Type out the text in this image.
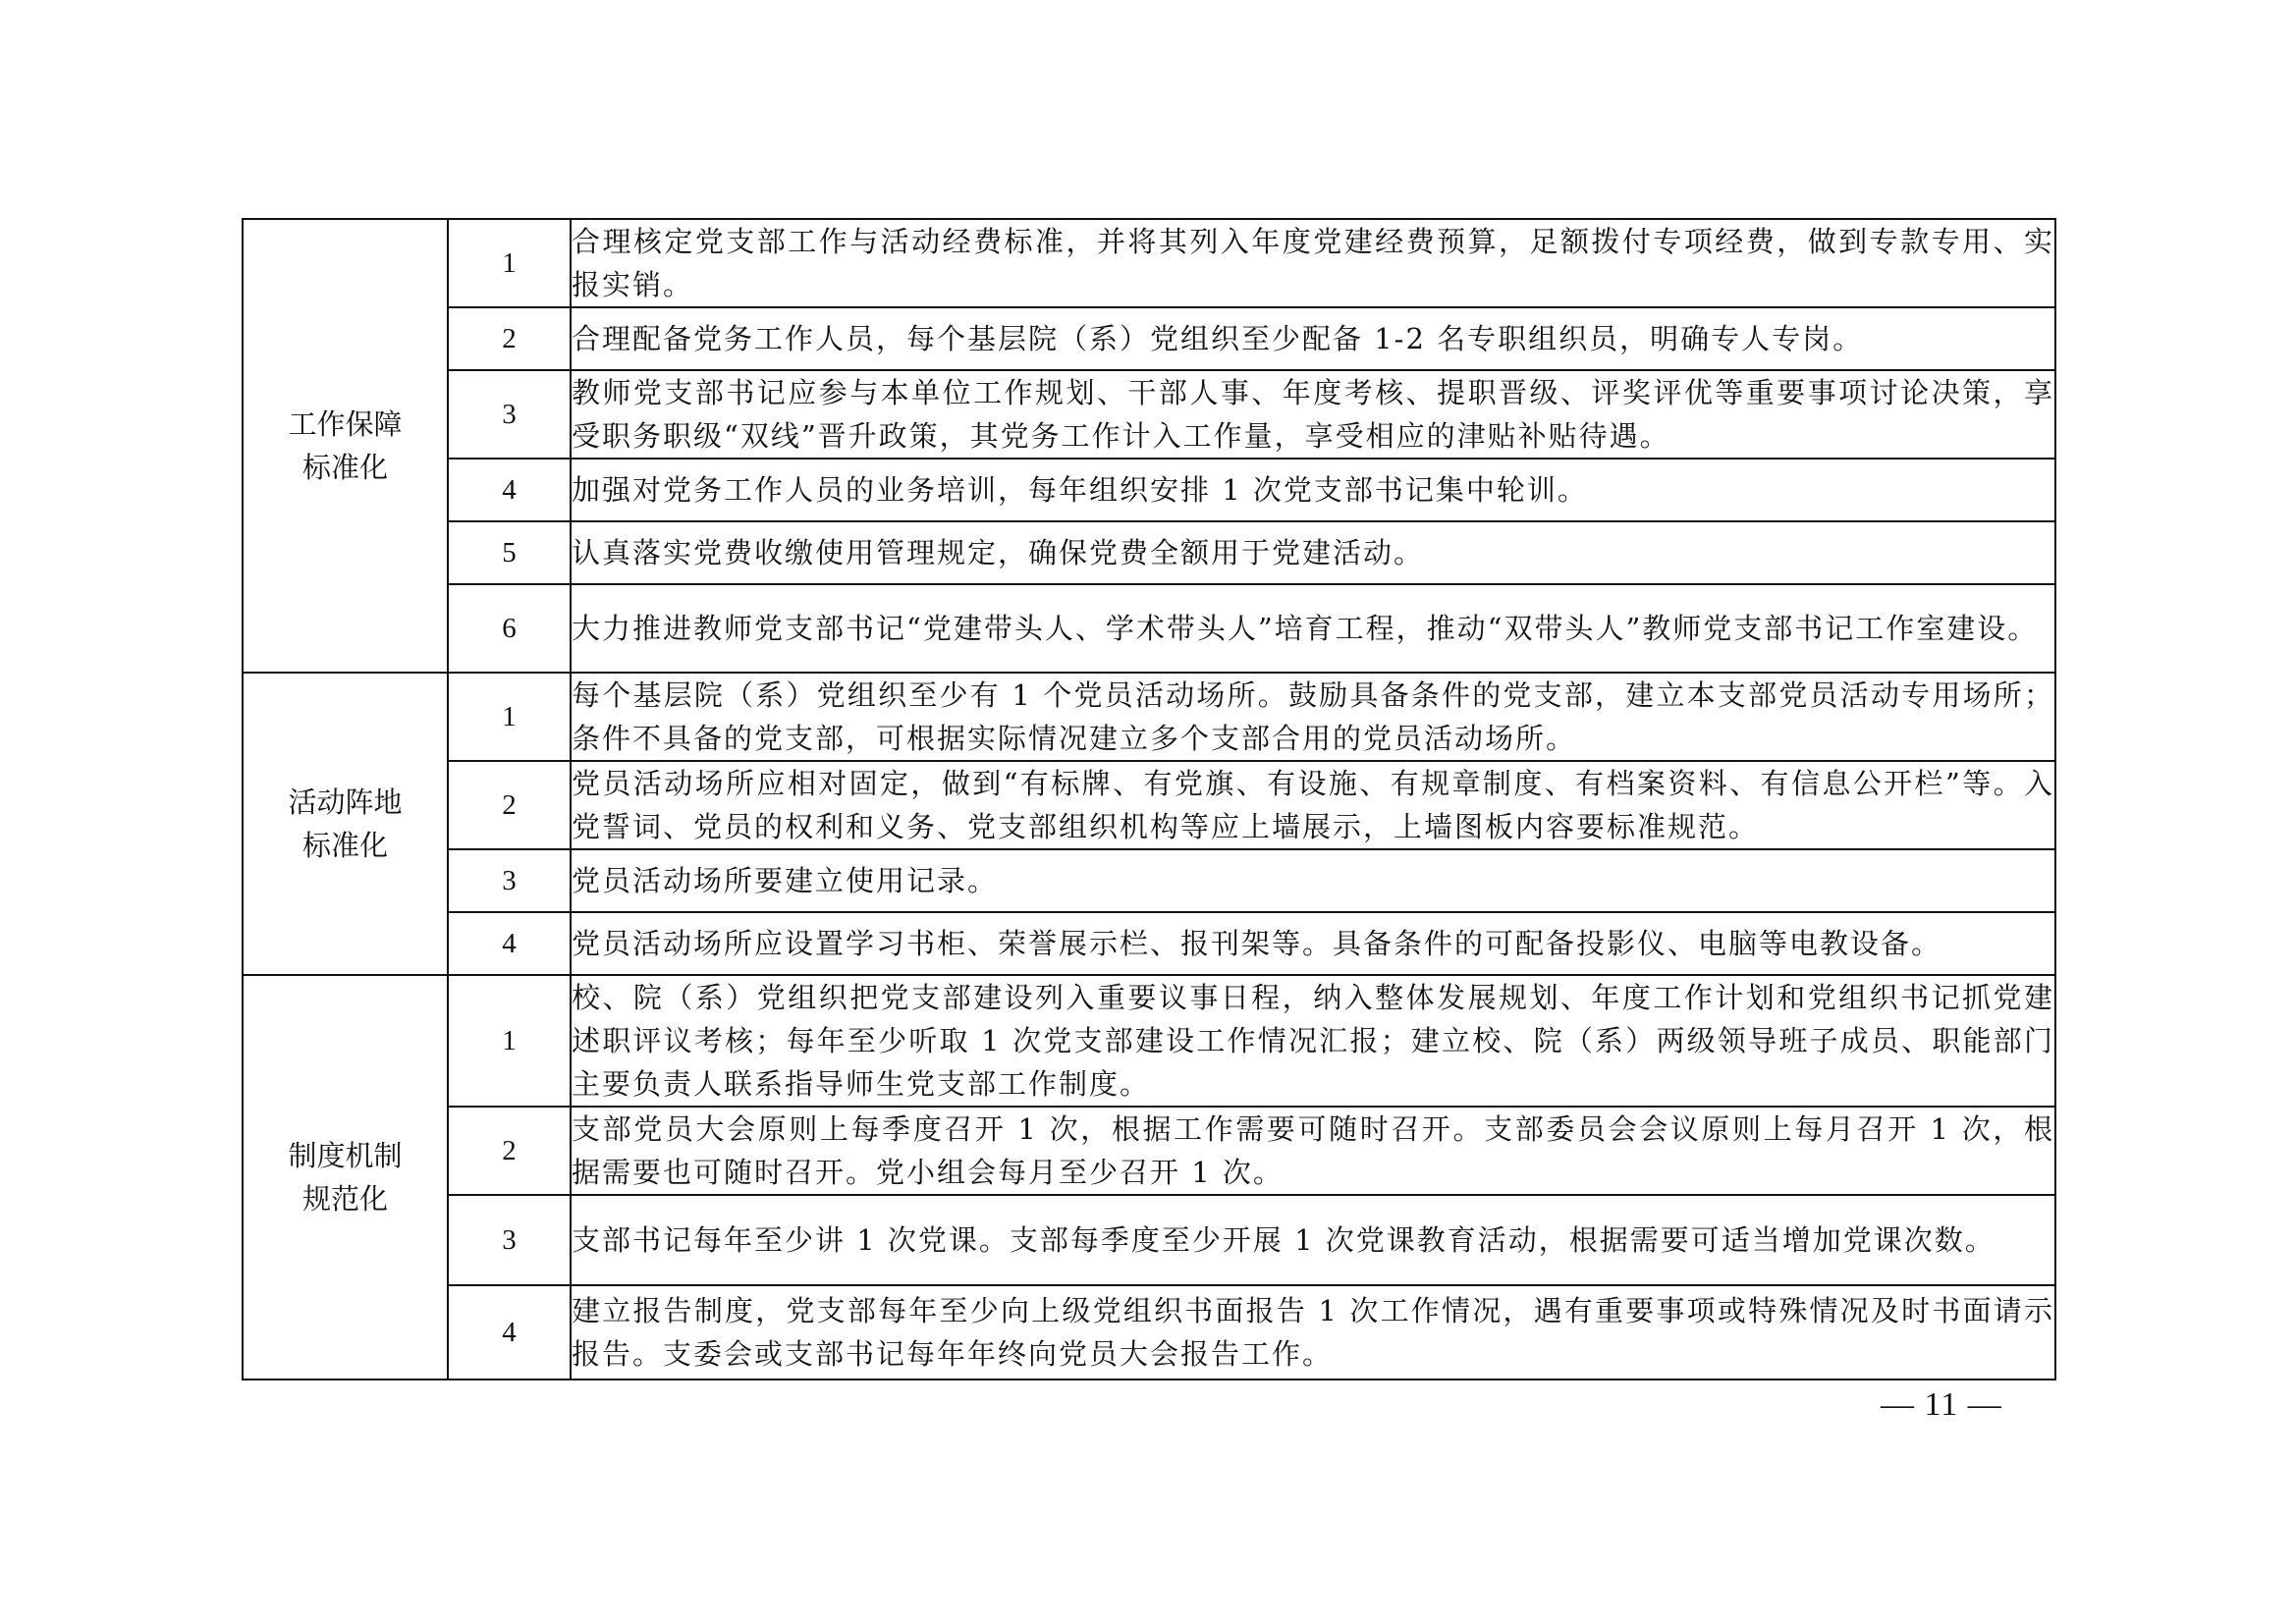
工作保障
标准化	1	合理核定党支部工作与活动经费标准，并将其列入年度党建经费预算，足额拨付专项经费，做到专款专用、实报实销。
	2	合理配备党务工作人员，每个基层院（系）党组织至少配备 1-2 名专职组织员，明确专人专岗。
	3	教师党支部书记应参与本单位工作规划、干部人事、年度考核、提职晋级、评奖评优等重要事项讨论决策，享受职务职级“双线”晋升政策，其党务工作计入工作量，享受相应的津贴补贴待遇。
	4	加强对党务工作人员的业务培训，每年组织安排 1 次党支部书记集中轮训。
	5	认真落实党费收缴使用管理规定，确保党费全额用于党建活动。
	6	大力推进教师党支部书记“党建带头人、学术带头人”培育工程，推动“双带头人”教师党支部书记工作室建设。

活动阵地
标准化	1	每个基层院（系）党组织至少有 1 个党员活动场所。鼓励具备条件的党支部，建立本支部党员活动专用场所；条件不具备的党支部，可根据实际情况建立多个支部合用的党员活动场所。
	2	党员活动场所应相对固定，做到“有标牌、有党旗、有设施、有规章制度、有档案资料、有信息公开栏”等。入党誓词、党员的权利和义务、党支部组织机构等应上墙展示，上墙图板内容要标准规范。
	3	党员活动场所要建立使用记录。
	4	党员活动场所应设置学习书柜、荣誉展示栏、报刊架等。具备条件的可配备投影仪、电脑等电教设备。

制度机制
规范化	1	校、院（系）党组织把党支部建设列入重要议事日程，纳入整体发展规划、年度工作计划和党组织书记抓党建述职评议考核；每年至少听取 1 次党支部建设工作情况汇报；建立校、院（系）两级领导班子成员、职能部门主要负责人联系指导师生党支部工作制度。
	2	支部党员大会原则上每季度召开 1 次，根据工作需要可随时召开。支部委员会会议原则上每月召开 1 次，根据需要也可随时召开。党小组会每月至少召开 1 次。
	3	支部书记每年至少讲 1 次党课。支部每季度至少开展 1 次党课教育活动，根据需要可适当增加党课次数。
	4	建立报告制度，党支部每年至少向上级党组织书面报告 1 次工作情况，遇有重要事项或特殊情况及时书面请示报告。支委会或支部书记每年年终向党员大会报告工作。
— 11 —
